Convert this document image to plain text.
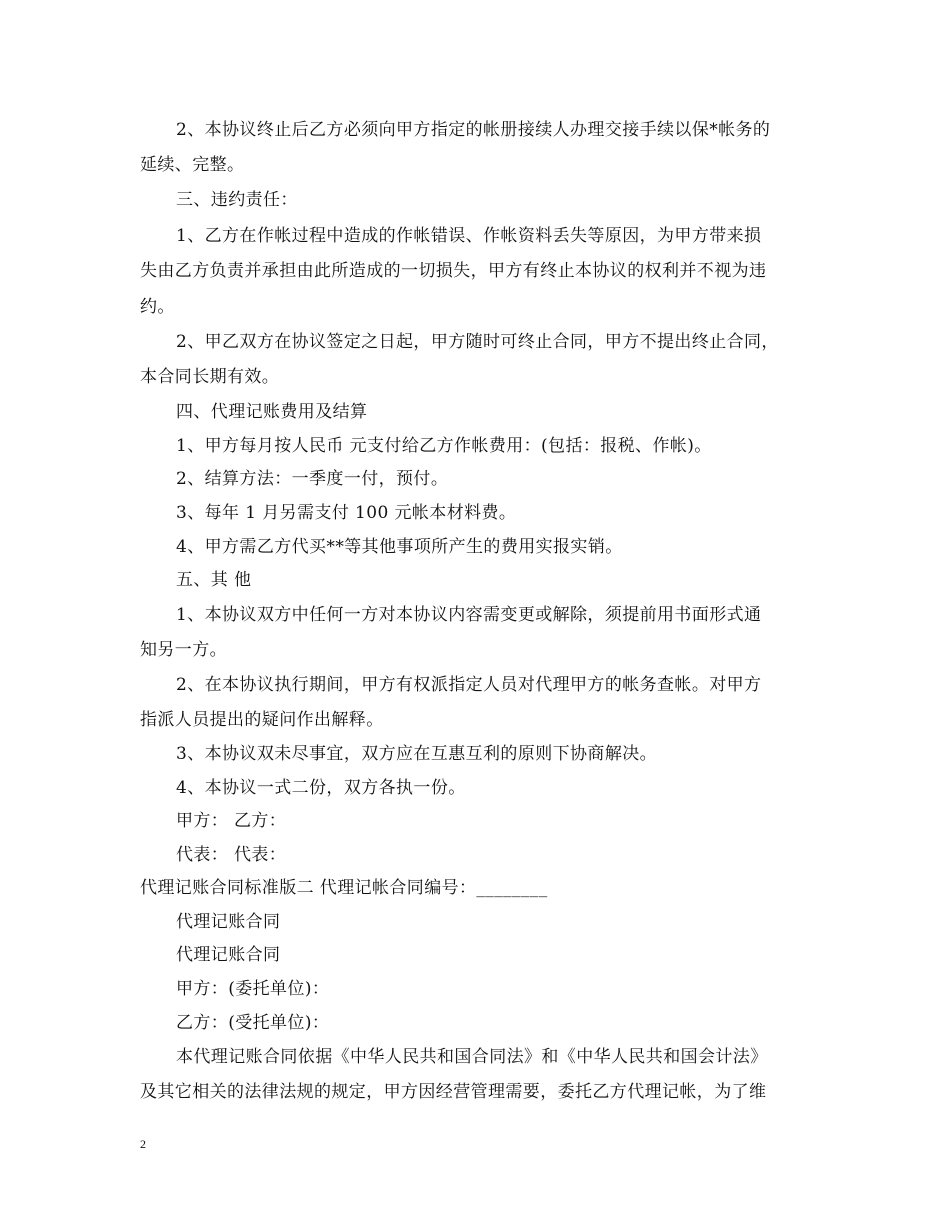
2、本协议终止后乙方必须向甲方指定的帐册接续人办理交接手续以保*帐务的

延续、完整。

三、违约责任：

1、乙方在作帐过程中造成的作帐错误、作帐资料丢失等原因，为甲方带来损

失由乙方负责并承担由此所造成的一切损失，甲方有终止本协议的权利并不视为违

约。

2、甲乙双方在协议签定之日起，甲方随时可终止合同，甲方不提出终止合同，

本合同长期有效。

四、代理记账费用及结算

1、甲方每月按人民币 元支付给乙方作帐费用：(包括：报税、作帐)。

2、结算方法：一季度一付，预付。

3、每年 1 月另需支付 100 元帐本材料费。

4、甲方需乙方代买**等其他事项所产生的费用实报实销。

五、其 他

1、本协议双方中任何一方对本协议内容需变更或解除，须提前用书面形式通

知另一方。

2、在本协议执行期间，甲方有权派指定人员对代理甲方的帐务查帐。对甲方

指派人员提出的疑问作出解释。

3、本协议双未尽事宜，双方应在互惠互利的原则下协商解决。

4、本协议一式二份，双方各执一份。

甲方： 乙方：

代表： 代表：

代理记账合同标准版二 代理记帐合同编号：________

代理记账合同

代理记账合同

甲方：(委托单位)：

乙方：(受托单位)：

本代理记账合同依据《中华人民共和国合同法》和《中华人民共和国会计法》

及其它相关的法律法规的规定，甲方因经营管理需要，委托乙方代理记帐，为了维

2
